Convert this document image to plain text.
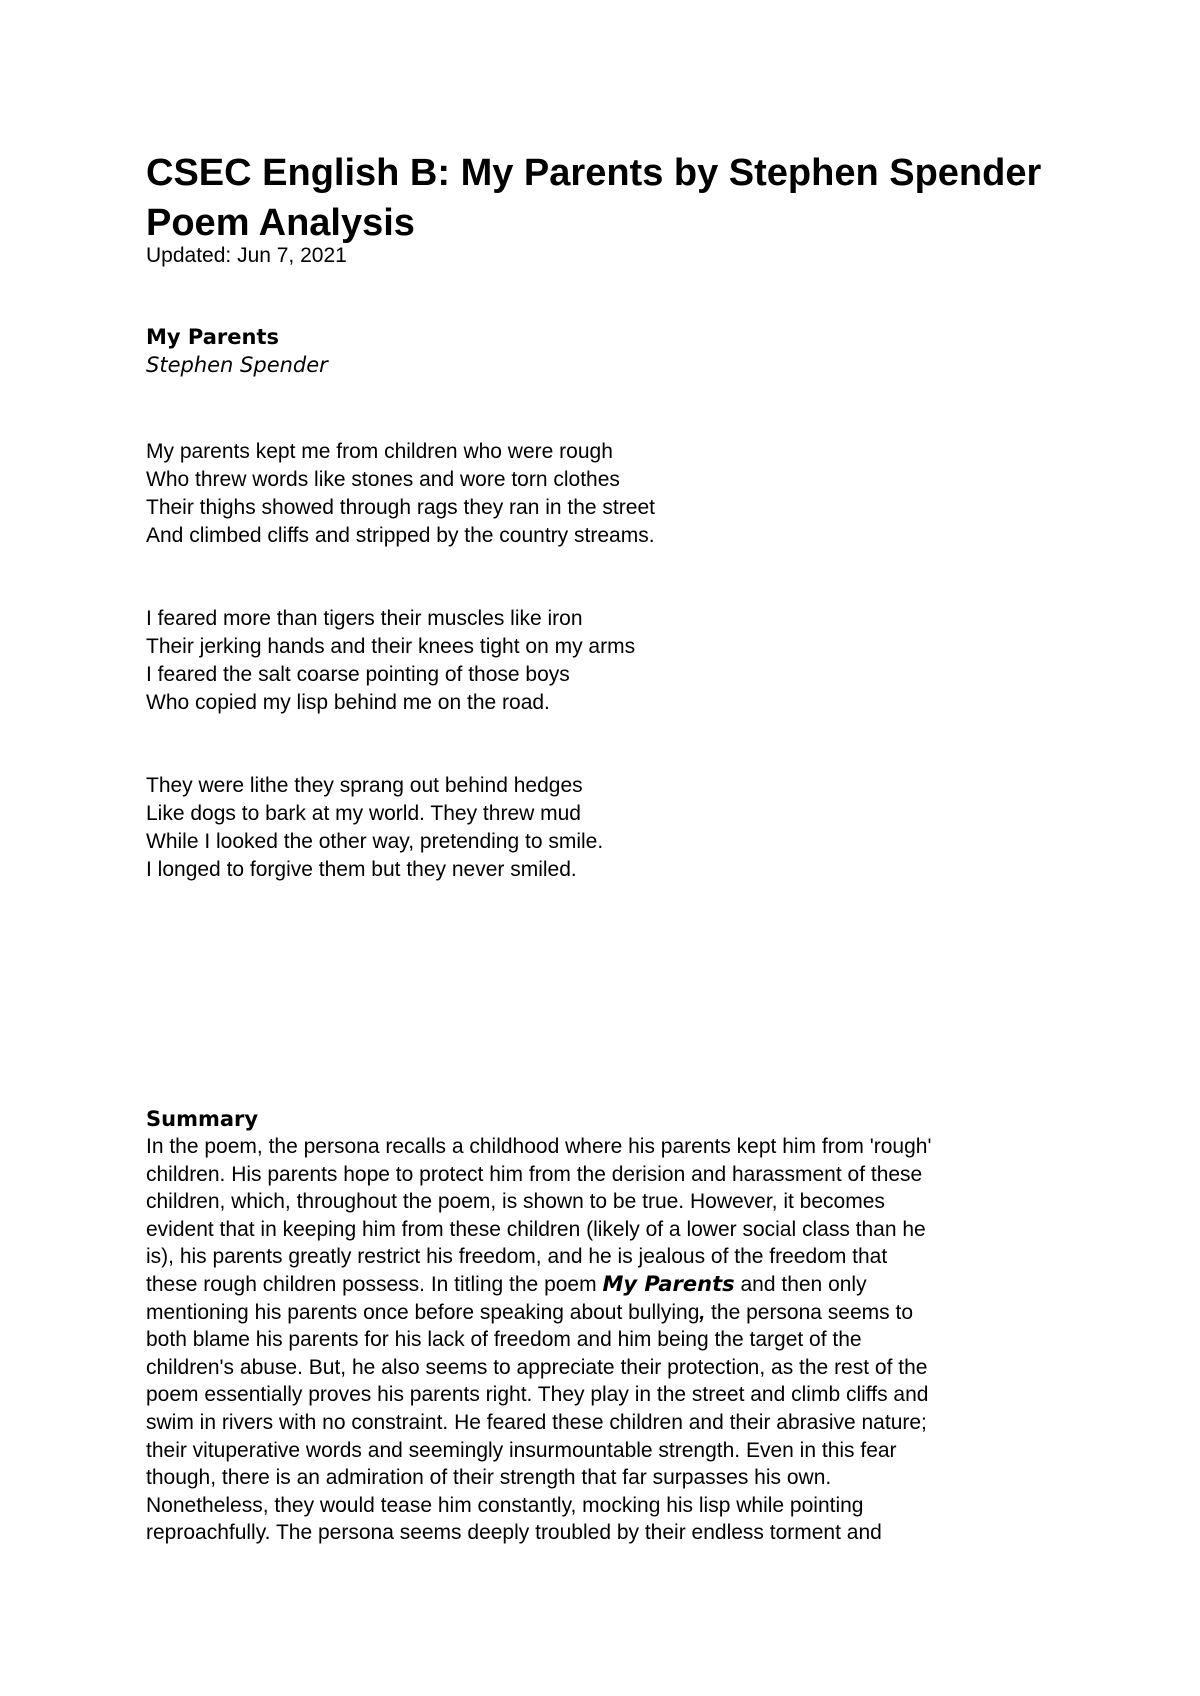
CSEC English B: My Parents by Stephen Spender Poem Analysis
Updated: Jun 7, 2021
My Parents
Stephen Spender
My parents kept me from children who were rough
Who threw words like stones and wore torn clothes
Their thighs showed through rags they ran in the street
And climbed cliffs and stripped by the country streams.
I feared more than tigers their muscles like iron
Their jerking hands and their knees tight on my arms
I feared the salt coarse pointing of those boys
Who copied my lisp behind me on the road.
They were lithe they sprang out behind hedges
Like dogs to bark at my world. They threw mud
While I looked the other way, pretending to smile.
I longed to forgive them but they never smiled.
Summary
In the poem, the persona recalls a childhood where his parents kept him from 'rough'
children. His parents hope to protect him from the derision and harassment of these
children, which, throughout the poem, is shown to be true. However, it becomes
evident that in keeping him from these children (likely of a lower social class than he
is), his parents greatly restrict his freedom, and he is jealous of the freedom that
these rough children possess. In titling the poem My Parents and then only
mentioning his parents once before speaking about bullying, the persona seems to
both blame his parents for his lack of freedom and him being the target of the
children's abuse. But, he also seems to appreciate their protection, as the rest of the
poem essentially proves his parents right. They play in the street and climb cliffs and
swim in rivers with no constraint. He feared these children and their abrasive nature;
their vituperative words and seemingly insurmountable strength. Even in this fear
though, there is an admiration of their strength that far surpasses his own.
Nonetheless, they would tease him constantly, mocking his lisp while pointing
reproachfully. The persona seems deeply troubled by their endless torment and
